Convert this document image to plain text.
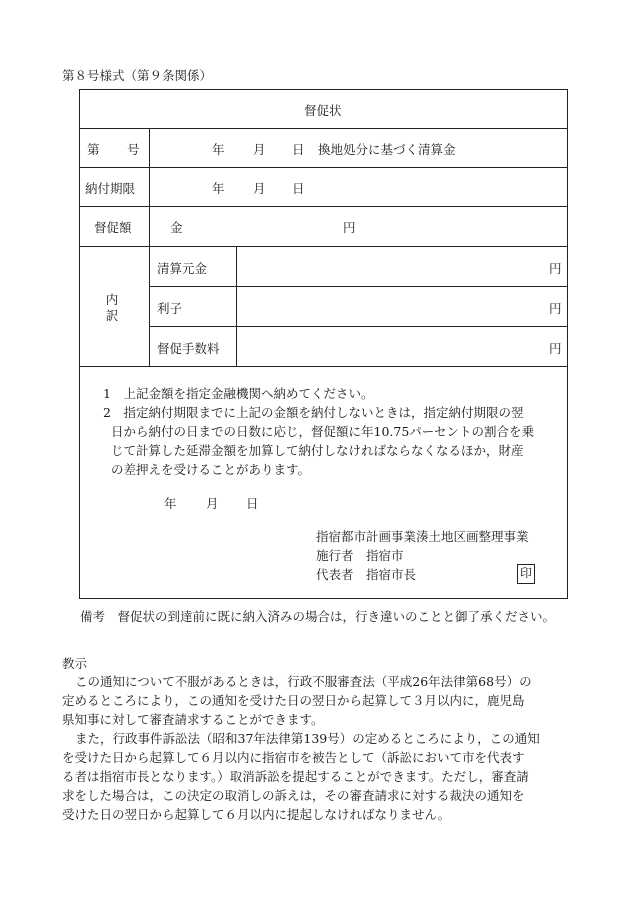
第８号様式（第９条関係）
督促状
第 号	年 月 日 換地処分に基づく清算金
納付期限	年 月 日
督促額	金	円
内
訳
清算元金	円
利子	円
督促手数料	円
1　上記金額を指定金融機関へ納めてください。
2　指定納付期限までに上記の金額を納付しないときは，指定納付期限の翌
日から納付の日までの日数に応じ，督促額に年10.75パーセントの割合を乗
じて計算した延滞金額を加算して納付しなければならなくなるほか，財産
の差押えを受けることがあります。
年 月 日
指宿都市計画事業湊土地区画整理事業
施行者　指宿市
代表者　指宿市長	印
備考　督促状の到達前に既に納入済みの場合は，行き違いのことと御了承ください。
教示
この通知について不服があるときは，行政不服審査法（平成26年法律第68号）の
定めるところにより，この通知を受けた日の翌日から起算して３月以内に，鹿児島
県知事に対して審査請求することができます。
また，行政事件訴訟法（昭和37年法律第139号）の定めるところにより，この通知
を受けた日から起算して６月以内に指宿市を被告として（訴訟において市を代表す
る者は指宿市長となります。）取消訴訟を提起することができます。ただし，審査請
求をした場合は，この決定の取消しの訴えは，その審査請求に対する裁決の通知を
受けた日の翌日から起算して６月以内に提起しなければなりません。
